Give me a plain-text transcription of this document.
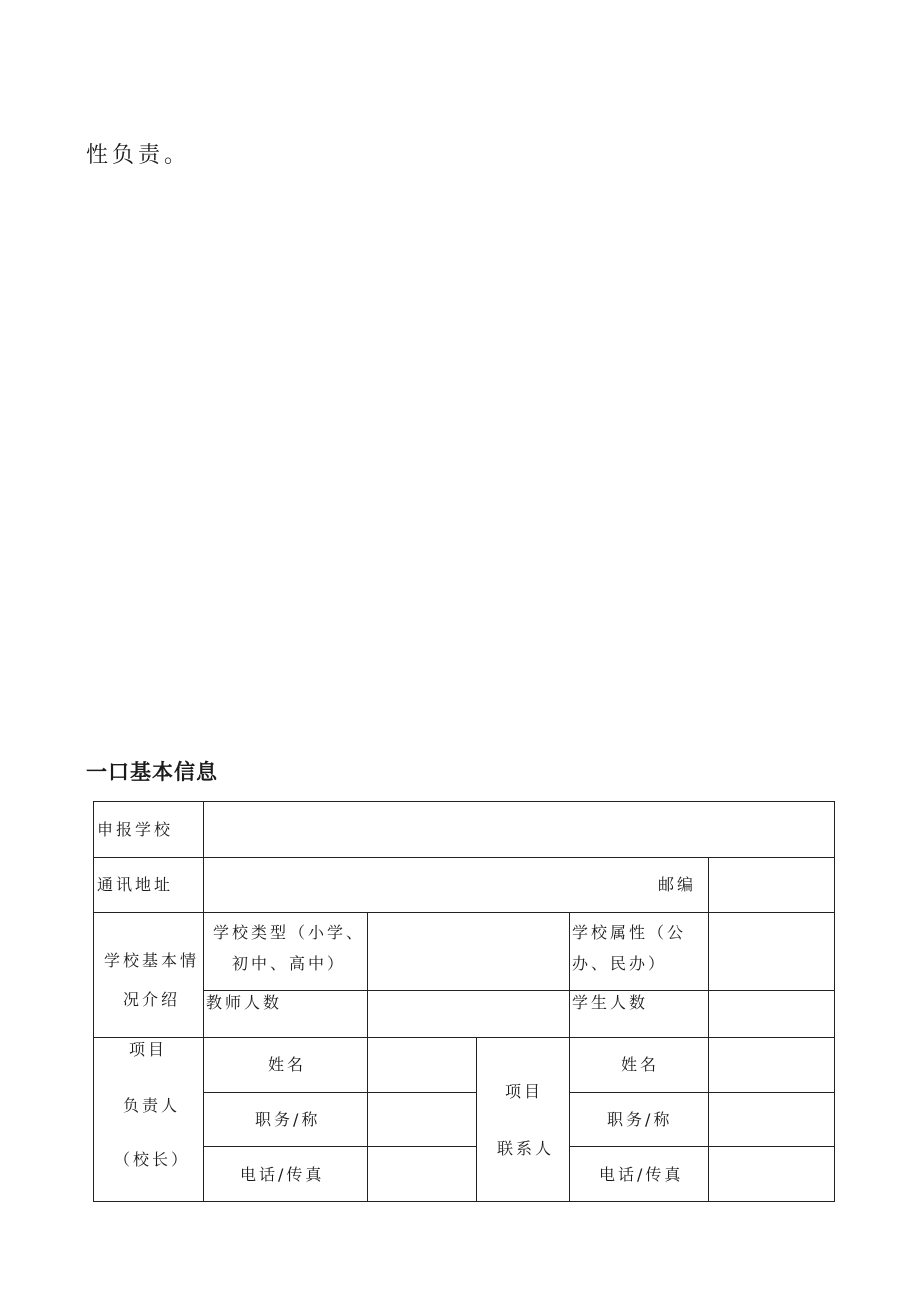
性负责。
一口基本信息
申报学校
通讯地址	邮编
学校基本情
况介绍
学校类型（小学、
初中、高中）
学校属性（公
办、民办）
教师人数	学生人数
项目
负责人
（校长）
姓名
职务/称
电话/传真
项目
联系人
姓名
职务/称
电话/传真
